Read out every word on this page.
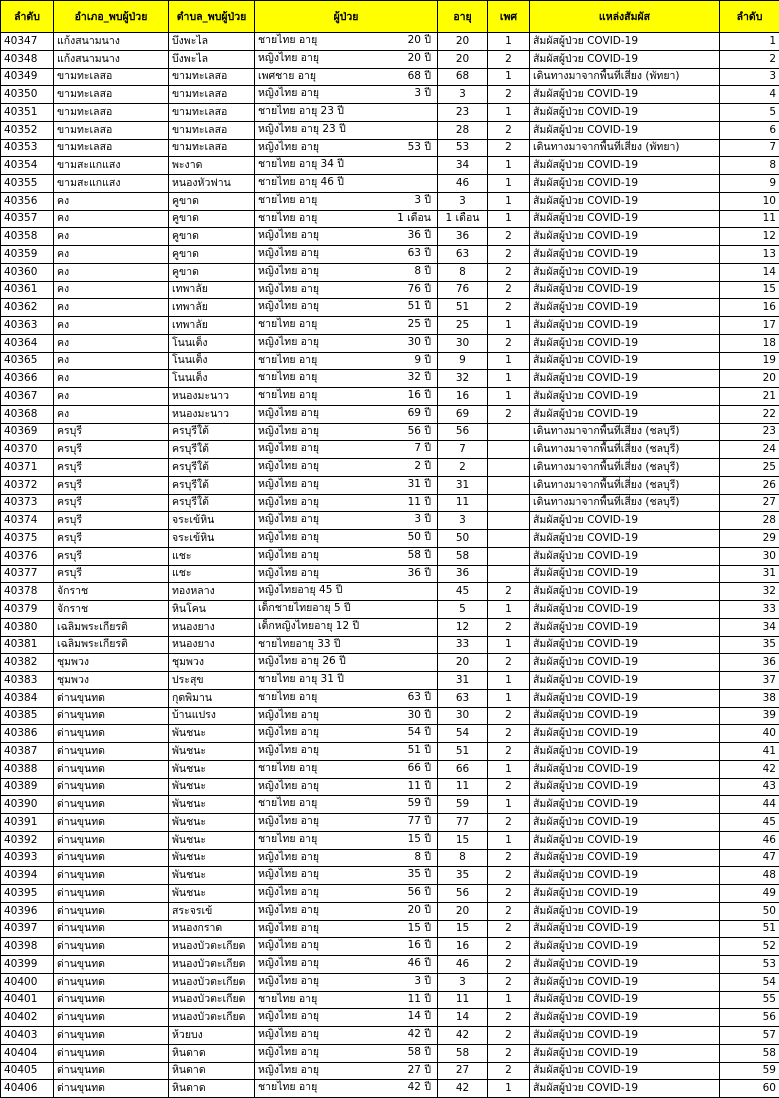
ลำดับ	อำเภอ_พบผู้ป่วย	ตำบล_พบผู้ป่วย	ผู้ป่วย	อายุ	เพศ	แหล่งสัมผัส	ลำดับ
40347	แก้งสนามนาง	บึงพะไล	ชายไทย อายุ 20 ปี	20	1	สัมผัสผู้ป่วย COVID-19	1
40348	แก้งสนามนาง	บึงพะไล	หญิงไทย อายุ 20 ปี	20	2	สัมผัสผู้ป่วย COVID-19	2
40349	ขามทะเลสอ	ขามทะเลสอ	เพศชาย อายุ 68 ปี	68	1	เดินทางมาจากพื้นที่เสี่ยง (พัทยา)	3
40350	ขามทะเลสอ	ขามทะเลสอ	หญิงไทย อายุ 3 ปี	3	2	สัมผัสผู้ป่วย COVID-19	4
40351	ขามทะเลสอ	ขามทะเลสอ	ชายไทย อายุ 23 ปี	23	1	สัมผัสผู้ป่วย COVID-19	5
40352	ขามทะเลสอ	ขามทะเลสอ	หญิงไทย อายุ 23 ปี	28	2	สัมผัสผู้ป่วย COVID-19	6
40353	ขามทะเลสอ	ขามทะเลสอ	หญิงไทย อายุ 53 ปี	53	2	เดินทางมาจากพื้นที่เสี่ยง (พัทยา)	7
40354	ขามสะแกแสง	พะงาด	ชายไทย อายุ 34 ปี	34	1	สัมผัสผู้ป่วย COVID-19	8
40355	ขามสะแกแสง	หนองหัวฟาน	ชายไทย อายุ 46 ปี	46	1	สัมผัสผู้ป่วย COVID-19	9
40356	คง	คูขาด	ชายไทย อายุ 3 ปี	3	1	สัมผัสผู้ป่วย COVID-19	10
40357	คง	คูขาด	ชายไทย อายุ 1 เดือน	1 เดือน	1	สัมผัสผู้ป่วย COVID-19	11
40358	คง	คูขาด	หญิงไทย อายุ 36 ปี	36	2	สัมผัสผู้ป่วย COVID-19	12
40359	คง	คูขาด	หญิงไทย อายุ 63 ปี	63	2	สัมผัสผู้ป่วย COVID-19	13
40360	คง	คูขาด	หญิงไทย อายุ 8 ปี	8	2	สัมผัสผู้ป่วย COVID-19	14
40361	คง	เทพาลัย	หญิงไทย อายุ 76 ปี	76	2	สัมผัสผู้ป่วย COVID-19	15
40362	คง	เทพาลัย	หญิงไทย อายุ 51 ปี	51	2	สัมผัสผู้ป่วย COVID-19	16
40363	คง	เทพาลัย	ชายไทย อายุ 25 ปี	25	1	สัมผัสผู้ป่วย COVID-19	17
40364	คง	โนนเต็ง	หญิงไทย อายุ 30 ปี	30	2	สัมผัสผู้ป่วย COVID-19	18
40365	คง	โนนเต็ง	ชายไทย อายุ 9 ปี	9	1	สัมผัสผู้ป่วย COVID-19	19
40366	คง	โนนเต็ง	ชายไทย อายุ 32 ปี	32	1	สัมผัสผู้ป่วย COVID-19	20
40367	คง	หนองมะนาว	ชายไทย อายุ 16 ปี	16	1	สัมผัสผู้ป่วย COVID-19	21
40368	คง	หนองมะนาว	หญิงไทย อายุ 69 ปี	69	2	สัมผัสผู้ป่วย COVID-19	22
40369	ครบุรี	ครบุรีใต้	หญิงไทย อายุ 56 ปี	56		เดินทางมาจากพื้นที่เสี่ยง (ชลบุรี)	23
40370	ครบุรี	ครบุรีใต้	หญิงไทย อายุ 7 ปี	7		เดินทางมาจากพื้นที่เสี่ยง (ชลบุรี)	24
40371	ครบุรี	ครบุรีใต้	หญิงไทย อายุ 2 ปี	2		เดินทางมาจากพื้นที่เสี่ยง (ชลบุรี)	25
40372	ครบุรี	ครบุรีใต้	หญิงไทย อายุ 31 ปี	31		เดินทางมาจากพื้นที่เสี่ยง (ชลบุรี)	26
40373	ครบุรี	ครบุรีใต้	หญิงไทย อายุ 11 ปี	11		เดินทางมาจากพื้นที่เสี่ยง (ชลบุรี)	27
40374	ครบุรี	จระเข้หิน	หญิงไทย อายุ 3 ปี	3		สัมผัสผู้ป่วย COVID-19	28
40375	ครบุรี	จระเข้หิน	หญิงไทย อายุ 50 ปี	50		สัมผัสผู้ป่วย COVID-19	29
40376	ครบุรี	แชะ	หญิงไทย อายุ 58 ปี	58		สัมผัสผู้ป่วย COVID-19	30
40377	ครบุรี	แชะ	หญิงไทย อายุ 36 ปี	36		สัมผัสผู้ป่วย COVID-19	31
40378	จักราช	ทองหลาง	หญิงไทยอายุ 45 ปี	45	2	สัมผัสผู้ป่วย COVID-19	32
40379	จักราช	หินโคน	เด็กชายไทยอายุ 5 ปี	5	1	สัมผัสผู้ป่วย COVID-19	33
40380	เฉลิมพระเกียรติ	หนองยาง	เด็กหญิงไทยอายุ 12 ปี	12	2	สัมผัสผู้ป่วย COVID-19	34
40381	เฉลิมพระเกียรติ	หนองยาง	ชายไทยอายุ 33 ปี	33	1	สัมผัสผู้ป่วย COVID-19	35
40382	ชุมพวง	ชุมพวง	หญิงไทย อายุ 26 ปี	20	2	สัมผัสผู้ป่วย COVID-19	36
40383	ชุมพวง	ประสุข	ชายไทย อายุ 31 ปี	31	1	สัมผัสผู้ป่วย COVID-19	37
40384	ด่านขุนทด	กุดพิมาน	ชายไทย อายุ 63 ปี	63	1	สัมผัสผู้ป่วย COVID-19	38
40385	ด่านขุนทด	บ้านแปรง	หญิงไทย อายุ 30 ปี	30	2	สัมผัสผู้ป่วย COVID-19	39
40386	ด่านขุนทด	พันชนะ	หญิงไทย อายุ 54 ปี	54	2	สัมผัสผู้ป่วย COVID-19	40
40387	ด่านขุนทด	พันชนะ	หญิงไทย อายุ 51 ปี	51	2	สัมผัสผู้ป่วย COVID-19	41
40388	ด่านขุนทด	พันชนะ	ชายไทย อายุ 66 ปี	66	1	สัมผัสผู้ป่วย COVID-19	42
40389	ด่านขุนทด	พันชนะ	หญิงไทย อายุ 11 ปี	11	2	สัมผัสผู้ป่วย COVID-19	43
40390	ด่านขุนทด	พันชนะ	ชายไทย อายุ 59 ปี	59	1	สัมผัสผู้ป่วย COVID-19	44
40391	ด่านขุนทด	พันชนะ	หญิงไทย อายุ 77 ปี	77	2	สัมผัสผู้ป่วย COVID-19	45
40392	ด่านขุนทด	พันชนะ	ชายไทย อายุ 15 ปี	15	1	สัมผัสผู้ป่วย COVID-19	46
40393	ด่านขุนทด	พันชนะ	หญิงไทย อายุ 8 ปี	8	2	สัมผัสผู้ป่วย COVID-19	47
40394	ด่านขุนทด	พันชนะ	หญิงไทย อายุ 35 ปี	35	2	สัมผัสผู้ป่วย COVID-19	48
40395	ด่านขุนทด	พันชนะ	หญิงไทย อายุ 56 ปี	56	2	สัมผัสผู้ป่วย COVID-19	49
40396	ด่านขุนทด	สระจรเข้	หญิงไทย อายุ 20 ปี	20	2	สัมผัสผู้ป่วย COVID-19	50
40397	ด่านขุนทด	หนองกราด	หญิงไทย อายุ 15 ปี	15	2	สัมผัสผู้ป่วย COVID-19	51
40398	ด่านขุนทด	หนองบัวตะเกียด	หญิงไทย อายุ 16 ปี	16	2	สัมผัสผู้ป่วย COVID-19	52
40399	ด่านขุนทด	หนองบัวตะเกียด	หญิงไทย อายุ 46 ปี	46	2	สัมผัสผู้ป่วย COVID-19	53
40400	ด่านขุนทด	หนองบัวตะเกียด	หญิงไทย อายุ 3 ปี	3	2	สัมผัสผู้ป่วย COVID-19	54
40401	ด่านขุนทด	หนองบัวตะเกียด	ชายไทย อายุ 11 ปี	11	1	สัมผัสผู้ป่วย COVID-19	55
40402	ด่านขุนทด	หนองบัวตะเกียด	หญิงไทย อายุ 14 ปี	14	2	สัมผัสผู้ป่วย COVID-19	56
40403	ด่านขุนทด	ห้วยบง	หญิงไทย อายุ 42 ปี	42	2	สัมผัสผู้ป่วย COVID-19	57
40404	ด่านขุนทด	หินดาด	หญิงไทย อายุ 58 ปี	58	2	สัมผัสผู้ป่วย COVID-19	58
40405	ด่านขุนทด	หินดาด	หญิงไทย อายุ 27 ปี	27	2	สัมผัสผู้ป่วย COVID-19	59
40406	ด่านขุนทด	หินดาด	ชายไทย อายุ 42 ปี	42	1	สัมผัสผู้ป่วย COVID-19	60
